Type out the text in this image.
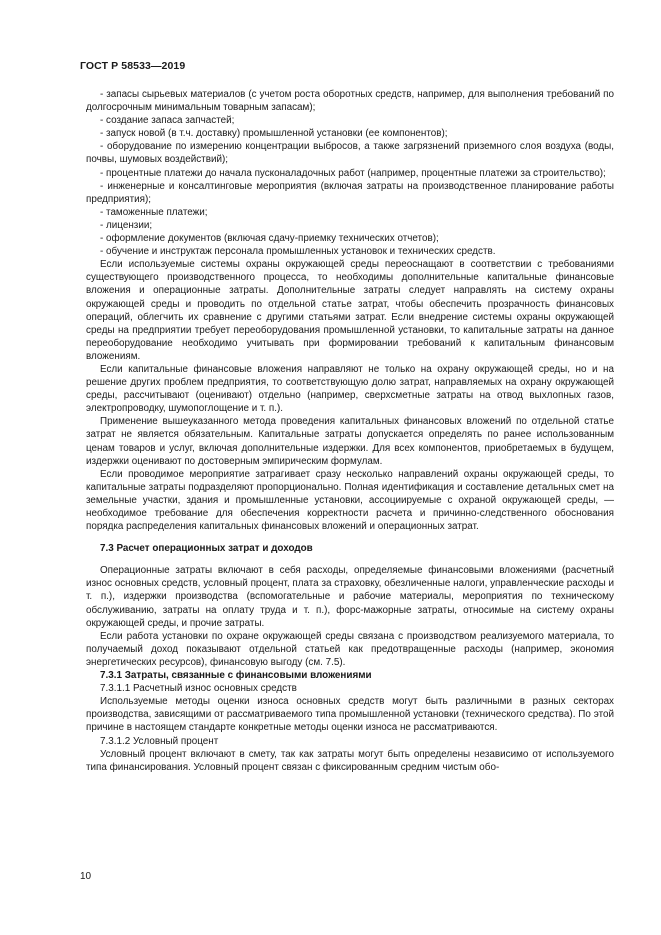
ГОСТ Р 58533—2019

- запасы сырьевых материалов (с учетом роста оборотных средств, например, для выполнения требований по долгосрочным минимальным товарным запасам);

- создание запаса запчастей;

- запуск новой (в т.ч. доставку) промышленной установки (ее компонентов);

- оборудование по измерению концентрации выбросов, а также загрязнений приземного слоя воздуха (воды, почвы, шумовых воздействий);

- процентные платежи до начала пусконаладочных работ (например, процентные платежи за строительство);

- инженерные и консалтинговые мероприятия (включая затраты на производственное планирование работы предприятия);

- таможенные платежи;

- лицензии;

- оформление документов (включая сдачу-приемку технических отчетов);

- обучение и инструктаж персонала промышленных установок и технических средств.

Если используемые системы охраны окружающей среды переоснащают в соответствии с требованиями существующего производственного процесса, то необходимы дополнительные капитальные финансовые вложения и операционные затраты. Дополнительные затраты следует направлять на систему охраны окружающей среды и проводить по отдельной статье затрат, чтобы обеспечить прозрачность финансовых операций, облегчить их сравнение с другими статьями затрат. Если внедрение системы охраны окружающей среды на предприятии требует переоборудования промышленной установки, то капитальные затраты на данное переоборудование необходимо учитывать при формировании требований к капитальным финансовым вложениям.

Если капитальные финансовые вложения направляют не только на охрану окружающей среды, но и на решение других проблем предприятия, то соответствующую долю затрат, направляемых на охрану окружающей среды, рассчитывают (оценивают) отдельно (например, сверхсметные затраты на отвод выхлопных газов, электропроводку, шумопоглощение и т. п.).

Применение вышеуказанного метода проведения капитальных финансовых вложений по отдельной статье затрат не является обязательным. Капитальные затраты допускается определять по ранее использованным ценам товаров и услуг, включая дополнительные издержки. Для всех компонентов, приобретаемых в будущем, издержки оценивают по достоверным эмпирическим формулам.

Если проводимое мероприятие затрагивает сразу несколько направлений охраны окружающей среды, то капитальные затраты подразделяют пропорционально. Полная идентификация и составление детальных смет на земельные участки, здания и промышленные установки, ассоциируемые с охраной окружающей среды, — необходимое требование для обеспечения корректности расчета и причинно-следственного обоснования порядка распределения капитальных финансовых вложений и операционных затрат.

7.3 Расчет операционных затрат и доходов

Операционные затраты включают в себя расходы, определяемые финансовыми вложениями (расчетный износ основных средств, условный процент, плата за страховку, обезличенные налоги, управленческие расходы и т. п.), издержки производства (вспомогательные и рабочие материалы, мероприятия по техническому обслуживанию, затраты на оплату труда и т. п.), форс-мажорные затраты, относимые на систему охраны окружающей среды, и прочие затраты.

Если работа установки по охране окружающей среды связана с производством реализуемого материала, то получаемый доход показывают отдельной статьей как предотвращенные расходы (например, экономия энергетических ресурсов), финансовую выгоду (см. 7.5).

7.3.1 Затраты, связанные с финансовыми вложениями

7.3.1.1 Расчетный износ основных средств

Используемые методы оценки износа основных средств могут быть различными в разных секторах производства, зависящими от рассматриваемого типа промышленной установки (технического средства). По этой причине в настоящем стандарте конкретные методы оценки износа не рассматриваются.

7.3.1.2 Условный процент

Условный процент включают в смету, так как затраты могут быть определены независимо от используемого типа финансирования. Условный процент связан с фиксированным средним чистым обо-

10
